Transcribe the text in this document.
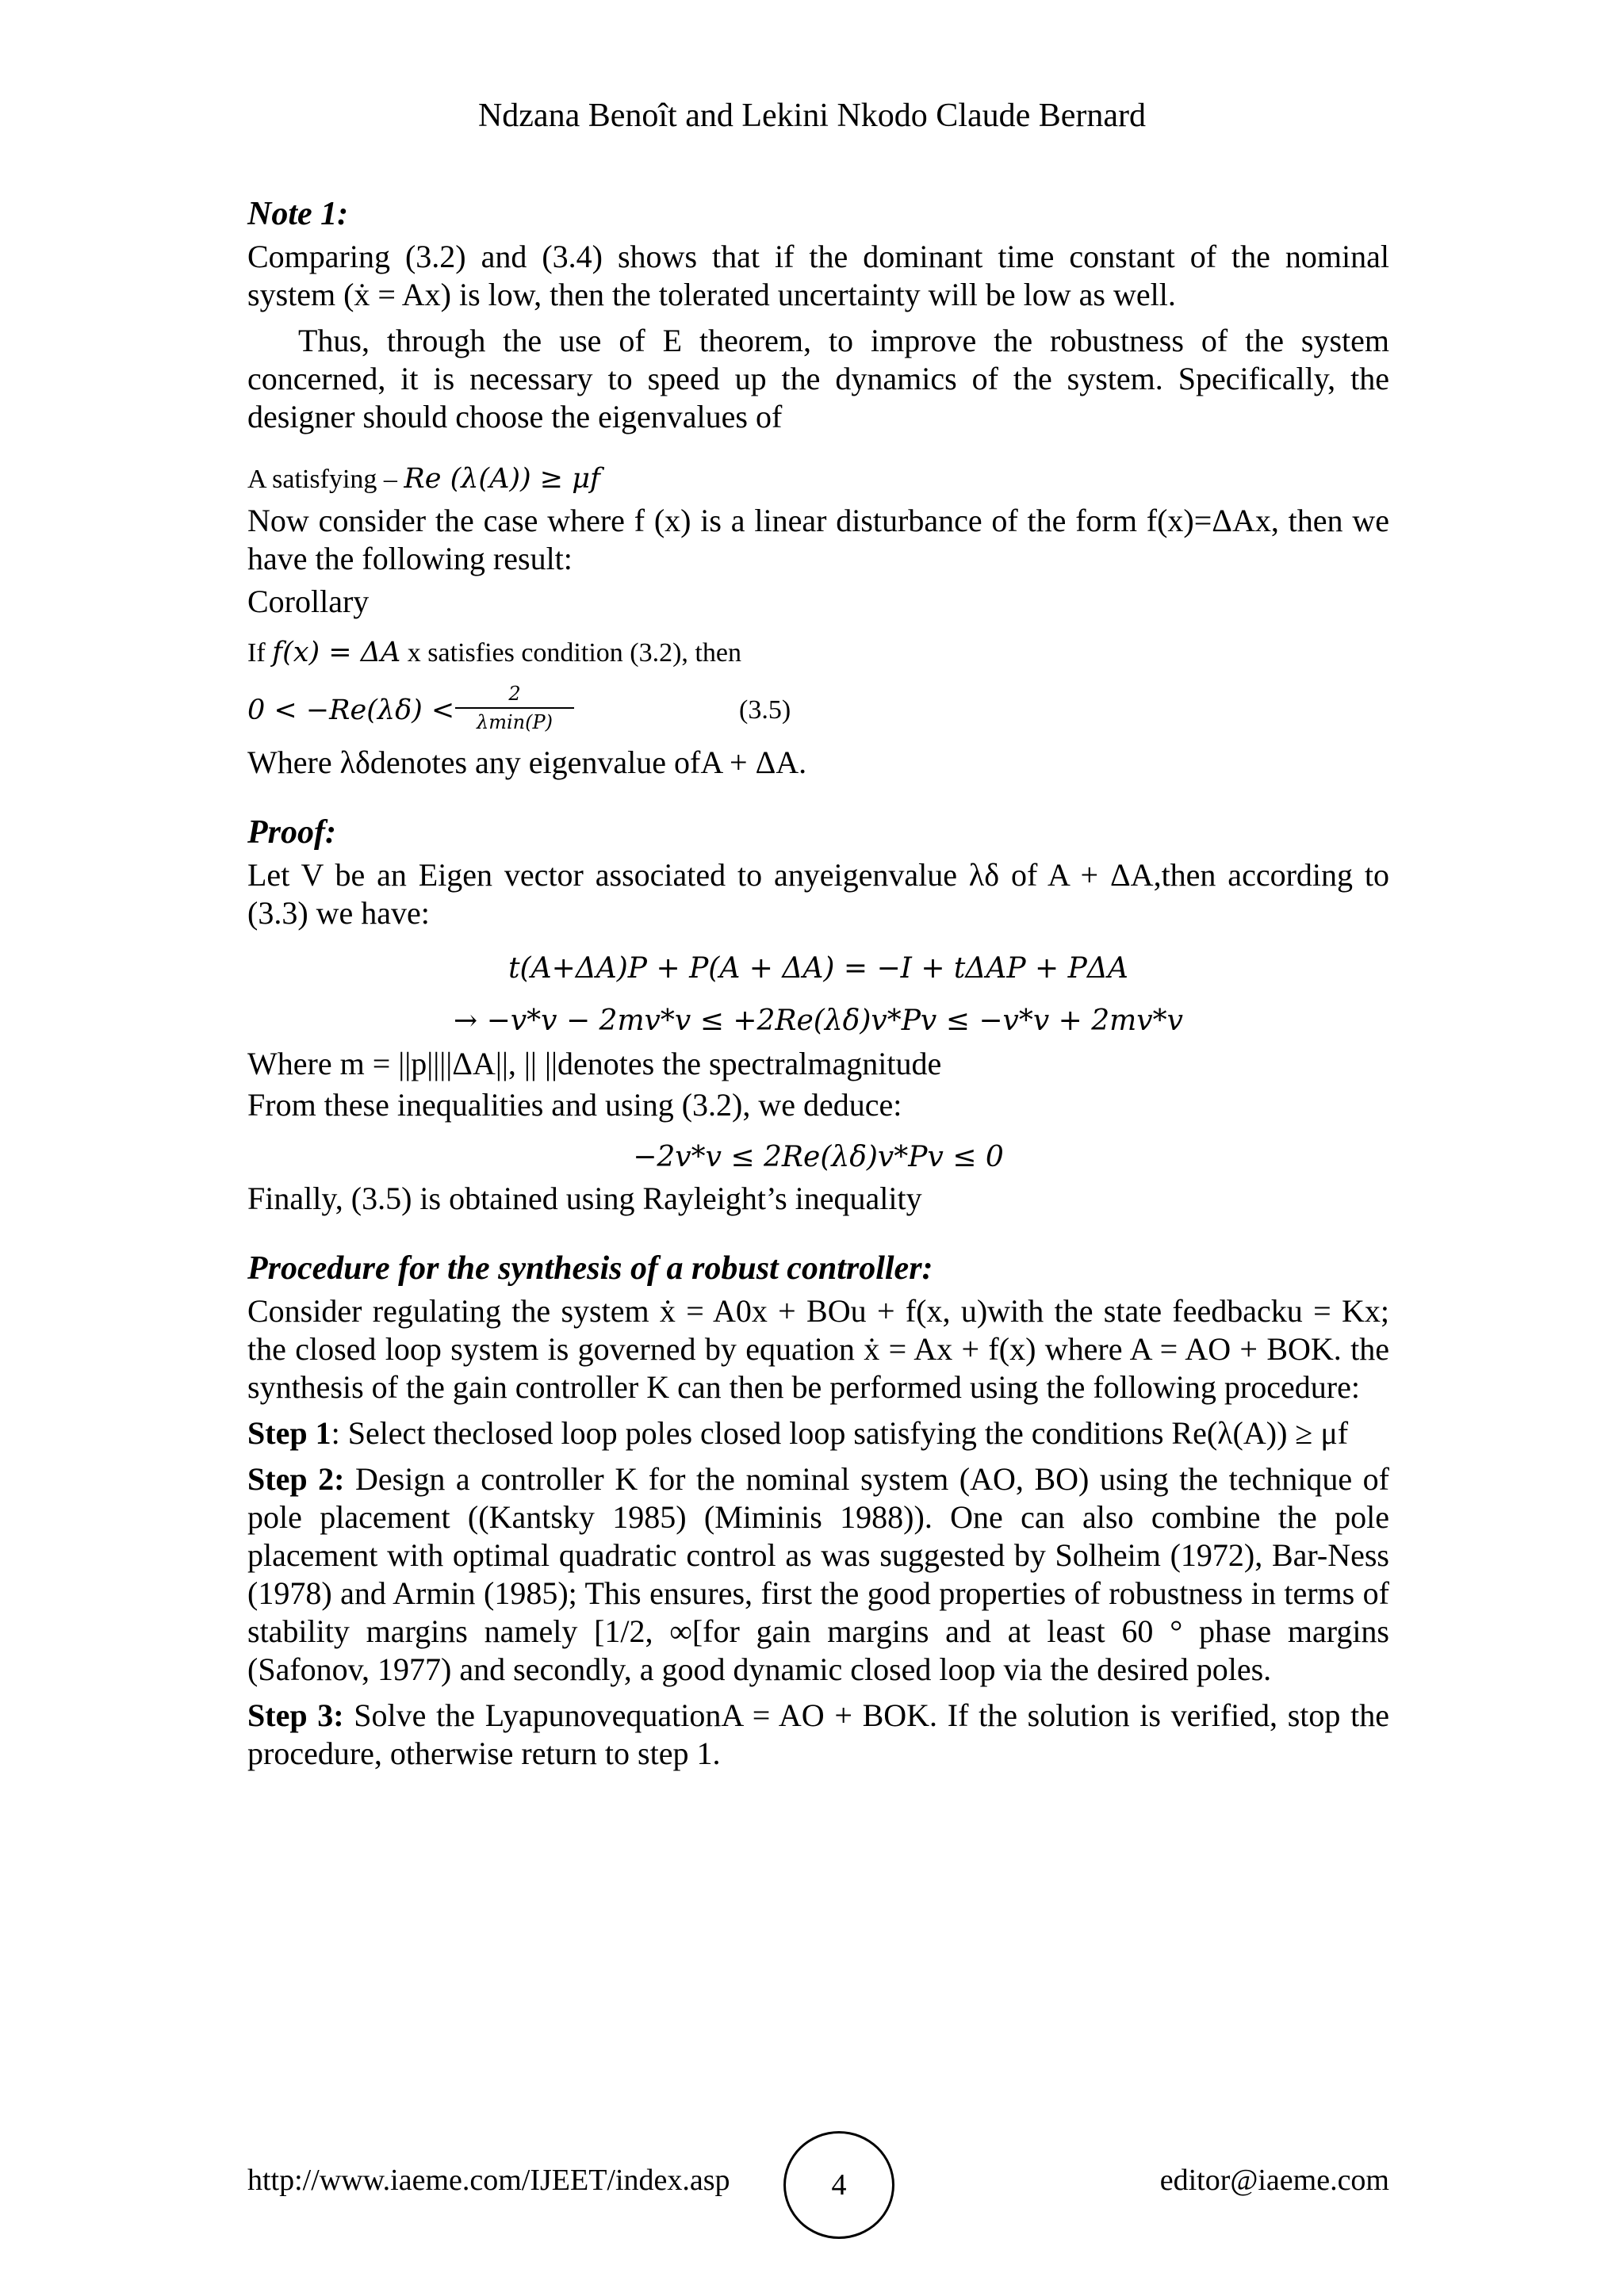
Ndzana Benoît and Lekini Nkodo Claude Bernard

Note 1:

Comparing (3.2) and (3.4) shows that if the dominant time constant of the nominal system (ẋ = Ax) is low, then the tolerated uncertainty will be low as well.

Thus, through the use of E theorem, to improve the robustness of the system concerned, it is necessary to speed up the dynamics of the system. Specifically, the designer should choose the eigenvalues of

A satisfying – Re (λ(A)) ≥ μf

Now consider the case where f (x) is a linear disturbance of the form f(x)=ΔAx, then we have the following result:

Corollary

If f(x) = ΔA x satisfies condition (3.2), then

0 < −Re(λδ) <
2
λmin(P)	(3.5)

Where λδdenotes any eigenvalue ofA + ΔA.

Proof:

Let V be an Eigen vector associated to anyeigenvalue λδ of A + ΔA,then according to (3.3) we have:

t(A+ΔA)P + P(A + ΔA) = −I + tΔAP + PΔA

→ −v*v − 2mv*v ≤ +2Re(λδ)v*Pv ≤ −v*v + 2mv*v

Where m = ||p||||ΔA||, || ||denotes the spectralmagnitude

From these inequalities and using (3.2), we deduce:

−2v*v ≤ 2Re(λδ)v*Pv ≤ 0

Finally, (3.5) is obtained using Rayleight’s inequality

Procedure for the synthesis of a robust controller:

Consider regulating the system ẋ = A0x + BOu + f(x, u)with the state feedbacku = Kx; the closed loop system is governed by equation ẋ = Ax + f(x) where A = AO + BOK. the synthesis of the gain controller K can then be performed using the following procedure:

Step 1: Select theclosed loop poles closed loop satisfying the conditions Re(λ(A)) ≥ μf

Step 2: Design a controller K for the nominal system (AO, BO) using the technique of pole placement ((Kantsky 1985) (Miminis 1988)). One can also combine the pole placement with optimal quadratic control as was suggested by Solheim (1972), Bar-Ness (1978) and Armin (1985); This ensures, first the good properties of robustness in terms of stability margins namely [1/2, ∞[for gain margins and at least 60 ° phase margins (Safonov, 1977) and secondly, a good dynamic closed loop via the desired poles.

Step 3: Solve the LyapunovequationA = AO + BOK. If the solution is verified, stop the procedure, otherwise return to step 1.

http://www.iaeme.com/IJEET/index.asp	4	editor@iaeme.com
